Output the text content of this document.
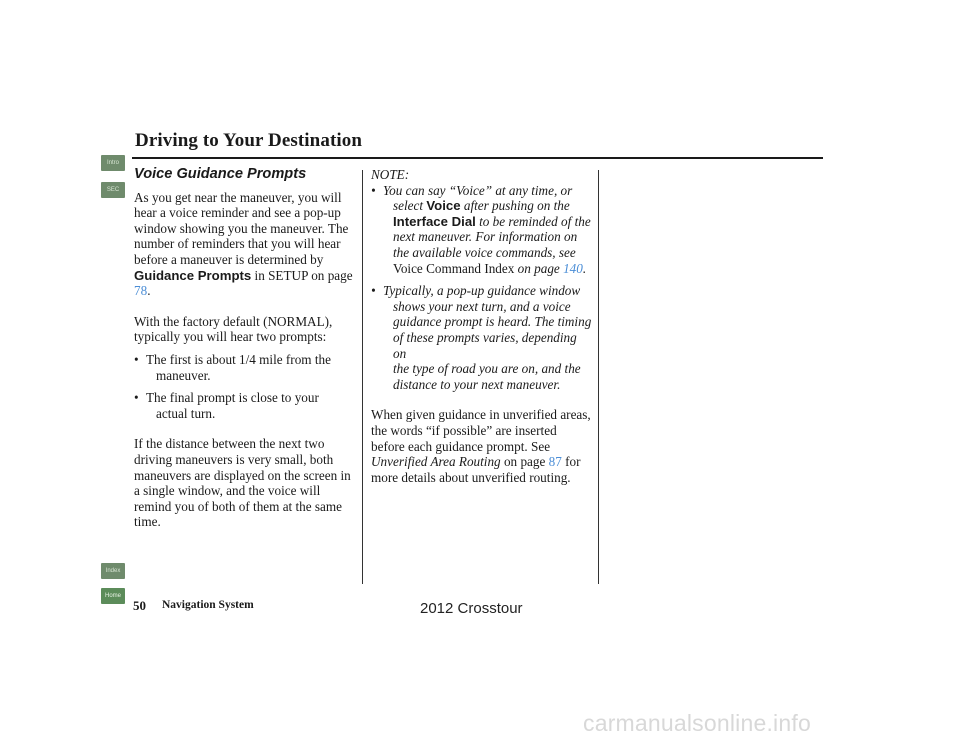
Driving to Your Destination
Intro
SEC
Index
Home
Voice Guidance Prompts

As you get near the maneuver, you will hear a voice reminder and see a pop-up window showing you the maneuver. The number of reminders that you will hear before a maneuver is determined by Guidance Prompts in SETUP on page 78.

With the factory default (NORMAL), typically you will hear two prompts:

• The first is about 1/4 mile from the
maneuver.
• The final prompt is close to your
actual turn.

If the distance between the next two driving maneuvers is very small, both maneuvers are displayed on the screen in a single window, and the voice will remind you of both of them at the same time.

NOTE:

• You can say “Voice” at any time, or
select Voice after pushing on the
Interface Dial to be reminded of the
next maneuver. For information on
the available voice commands, see
Voice Command Index on page 140.
• Typically, a pop-up guidance window
shows your next turn, and a voice
guidance prompt is heard. The timing
of these prompts varies, depending on
the type of road you are on, and the
distance to your next maneuver.

When given guidance in unverified areas, the words “if possible” are inserted before each guidance prompt. See Unverified Area Routing on page 87 for more details about unverified routing.

50 Navigation System	2012 Crosstour
carmanualsonline.info
